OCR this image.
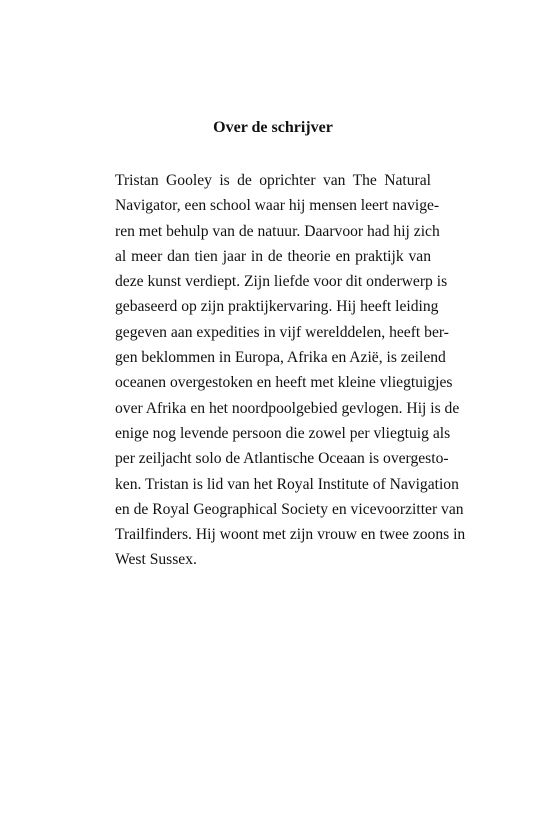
Over de schrijver
Tristan Gooley is de oprichter van The Natural
Navigator, een school waar hij mensen leert navige-
ren met behulp van de natuur. Daarvoor had hij zich
al meer dan tien jaar in de theorie en praktijk van
deze kunst verdiept. Zijn liefde voor dit onderwerp is
gebaseerd op zijn praktijkervaring. Hij heeft leiding
gegeven aan expedities in vijf werelddelen, heeft ber-
gen beklommen in Europa, Afrika en Azië, is zeilend
oceanen overgestoken en heeft met kleine vliegtuigjes
over Afrika en het noordpoolgebied gevlogen. Hij is de
enige nog levende persoon die zowel per vliegtuig als
per zeiljacht solo de Atlantische Oceaan is overgesto-
ken. Tristan is lid van het Royal Institute of Navigation
en de Royal Geographical Society en vicevoorzitter van
Trailfinders. Hij woont met zijn vrouw en twee zoons in
West Sussex.
